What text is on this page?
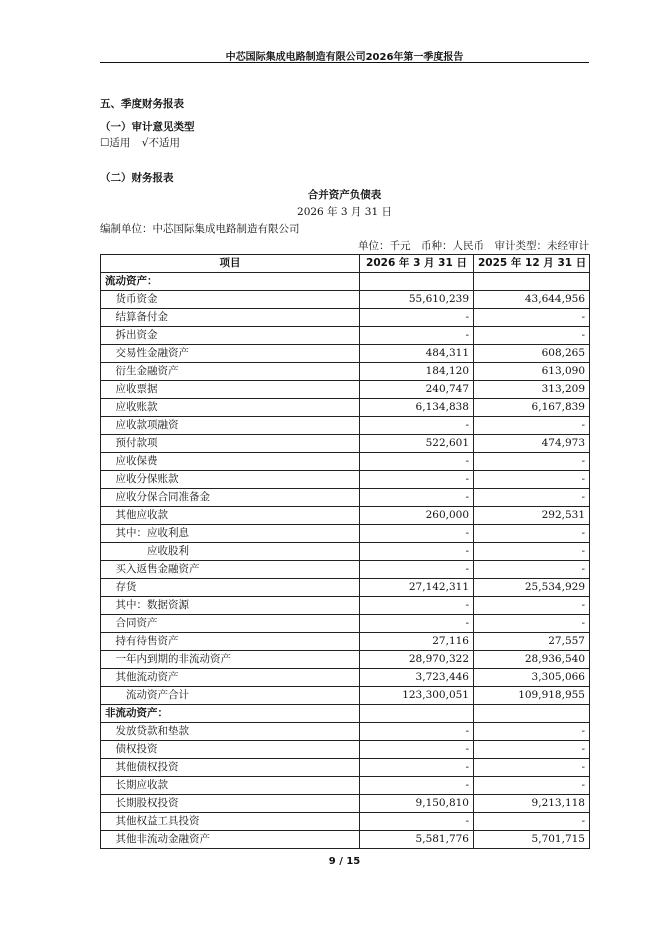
中芯国际集成电路制造有限公司2026年第一季度报告
五、季度财务报表
（一）审计意见类型
☐适用 √不适用
（二）财务报表
合并资产负债表
2026 年 3 月 31 日
编制单位：中芯国际集成电路制造有限公司
单位：千元　币种：人民币　审计类型：未经审计
项目	2026 年 3 月 31 日	2025 年 12 月 31 日
流动资产：		
货币资金	55,610,239	43,644,956
结算备付金	-	-
拆出资金	-	-
交易性金融资产	484,311	608,265
衍生金融资产	184,120	613,090
应收票据	240,747	313,209
应收账款	6,134,838	6,167,839
应收款项融资	-	-
预付款项	522,601	474,973
应收保费	-	-
应收分保账款	-	-
应收分保合同准备金	-	-
其他应收款	260,000	292,531
其中：应收利息	-	-
应收股利	-	-
买入返售金融资产	-	-
存货	27,142,311	25,534,929
其中：数据资源	-	-
合同资产	-	-
持有待售资产	27,116	27,557
一年内到期的非流动资产	28,970,322	28,936,540
其他流动资产	3,723,446	3,305,066
流动资产合计	123,300,051	109,918,955
非流动资产：		
发放贷款和垫款	-	-
债权投资	-	-
其他债权投资	-	-
长期应收款	-	-
长期股权投资	9,150,810	9,213,118
其他权益工具投资	-	-
其他非流动金融资产	5,581,776	5,701,715
9 / 15
